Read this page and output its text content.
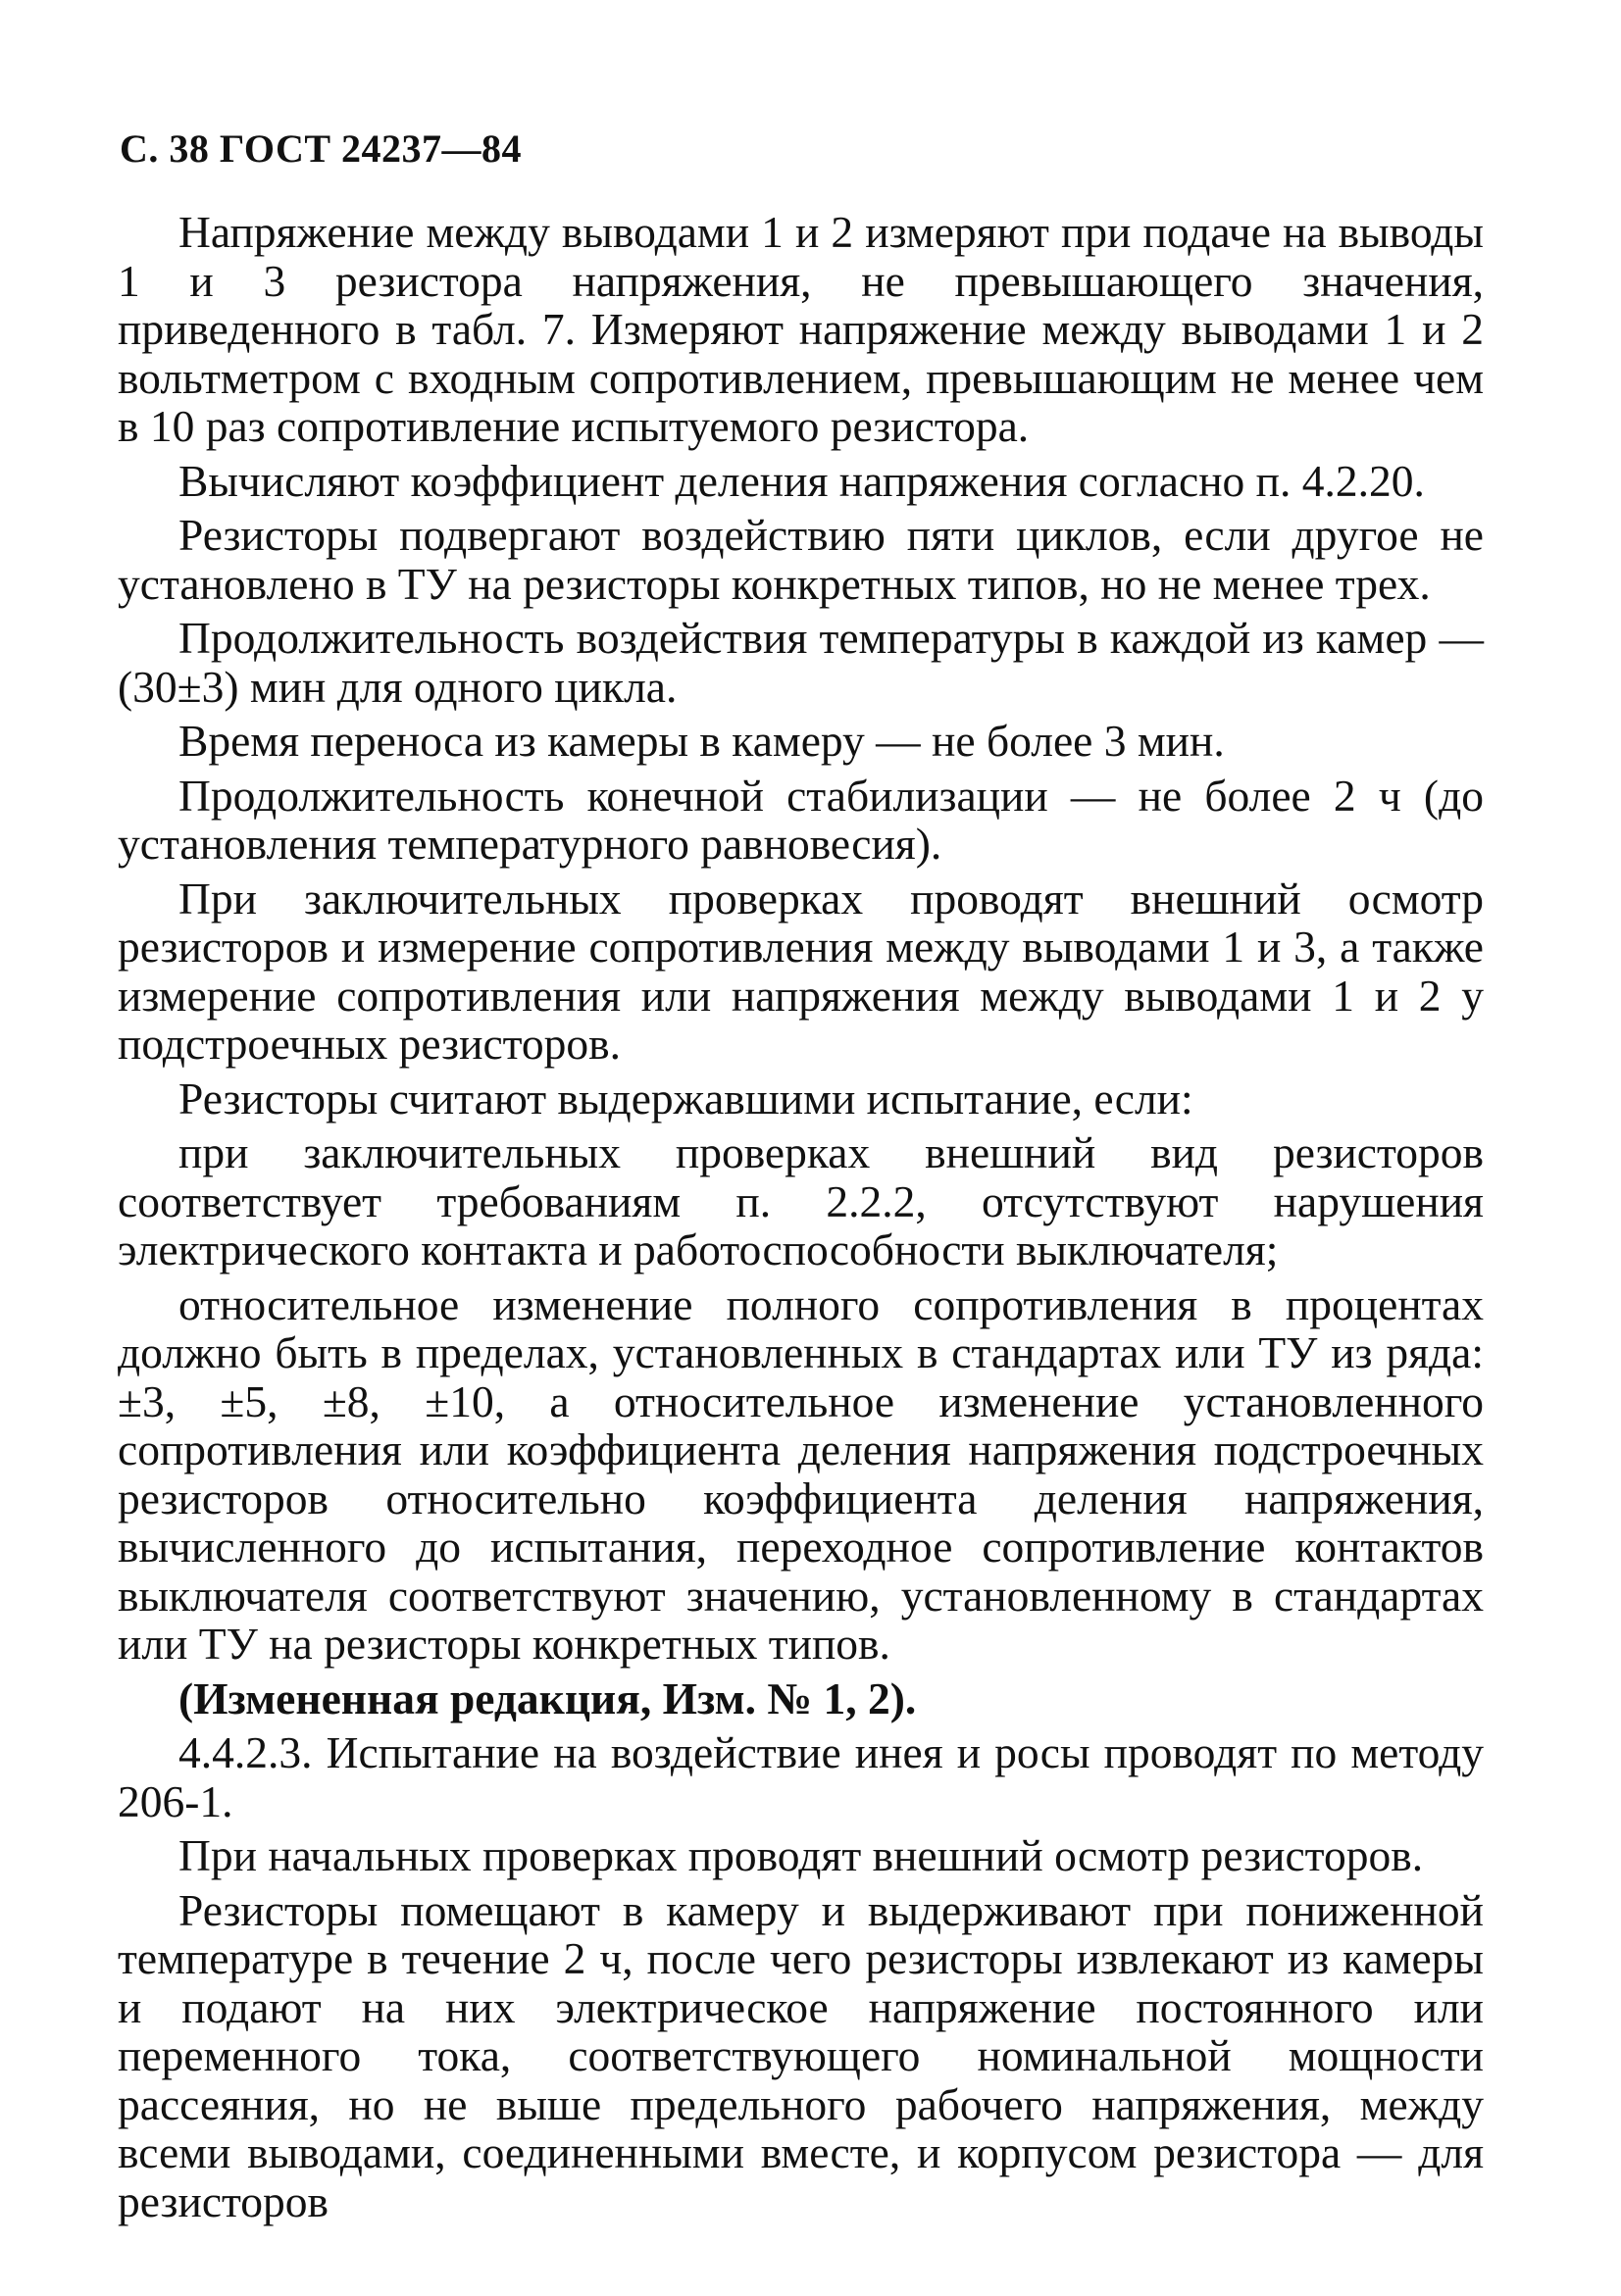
С. 38 ГОСТ 24237—84

Напряжение между выводами 1 и 2 измеряют при подаче на выводы 1 и 3 резистора напряжения, не превышающего значения, приведенного в табл. 7. Измеряют напряжение между выводами 1 и 2 вольтметром с входным сопротивлением, превышающим не менее чем в 10 раз сопротивление испытуемого резистора.

Вычисляют коэффициент деления напряжения согласно п. 4.2.20.

Резисторы подвергают воздействию пяти циклов, если другое не установлено в ТУ на резисторы конкретных типов, но не менее трех.

Продолжительность воздействия температуры в каждой из камер — (30±3) мин для одного цикла.

Время переноса из камеры в камеру — не более 3 мин.

Продолжительность конечной стабилизации — не более 2 ч (до установления температурного равновесия).

При заключительных проверках проводят внешний осмотр резисторов и измерение сопротивления между выводами 1 и 3, а также измерение сопротивления или напряжения между выводами 1 и 2 у подстроечных резисторов.

Резисторы считают выдержавшими испытание, если:

при заключительных проверках внешний вид резисторов соответствует требованиям п. 2.2.2, отсутствуют нарушения электрического контакта и работоспособности выключателя;

относительное изменение полного сопротивления в процентах должно быть в пределах, установленных в стандартах или ТУ из ряда: ±3, ±5, ±8, ±10, а относительное изменение установленного сопротивления или коэффициента деления напряжения подстроечных резисторов относительно коэффициента деления напряжения, вычисленного до испытания, переходное сопротивление контактов выключателя соответствуют значению, установленному в стандартах или ТУ на резисторы конкретных типов.

(Измененная редакция, Изм. № 1, 2).

4.4.2.3. Испытание на воздействие инея и росы проводят по методу 206-1.

При начальных проверках проводят внешний осмотр резисторов.

Резисторы помещают в камеру и выдерживают при пониженной температуре в течение 2 ч, после чего резисторы извлекают из камеры и подают на них электрическое напряжение постоянного или переменного тока, соответствующего номинальной мощности рассеяния, но не выше предельного рабочего напряжения, между всеми выводами, соединенными вместе, и корпусом резистора — для резисторов
